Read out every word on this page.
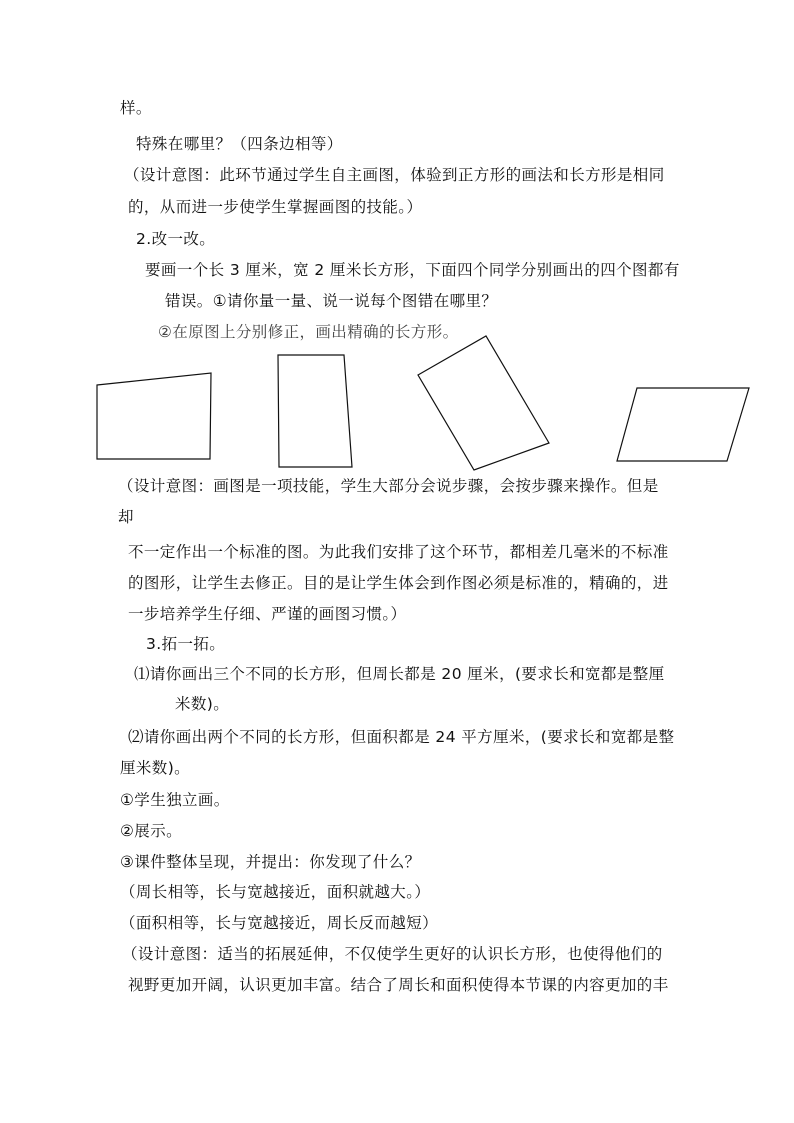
样。
特殊在哪里？（四条边相等）
（设计意图：此环节通过学生自主画图，体验到正方形的画法和长方形是相同
的，从而进一步使学生掌握画图的技能。）
2.改一改。
要画一个长 3 厘米，宽 2 厘米长方形，下面四个同学分别画出的四个图都有
错误。①请你量一量、说一说每个图错在哪里？
②在原图上分别修正，画出精确的长方形。
（设计意图：画图是一项技能，学生大部分会说步骤，会按步骤来操作。但是
却
不一定作出一个标准的图。为此我们安排了这个环节，都相差几毫米的不标准
的图形，让学生去修正。目的是让学生体会到作图必须是标准的，精确的，进
一步培养学生仔细、严谨的画图习惯。）
3.拓一拓。
⑴请你画出三个不同的长方形，但周长都是 20 厘米，(要求长和宽都是整厘
米数)。
⑵请你画出两个不同的长方形，但面积都是 24 平方厘米，(要求长和宽都是整
厘米数)。
①学生独立画。
②展示。
③课件整体呈现，并提出：你发现了什么？
（周长相等，长与宽越接近，面积就越大。）
（面积相等，长与宽越接近，周长反而越短）
（设计意图：适当的拓展延伸，不仅使学生更好的认识长方形，也使得他们的
视野更加开阔，认识更加丰富。结合了周长和面积使得本节课的内容更加的丰
